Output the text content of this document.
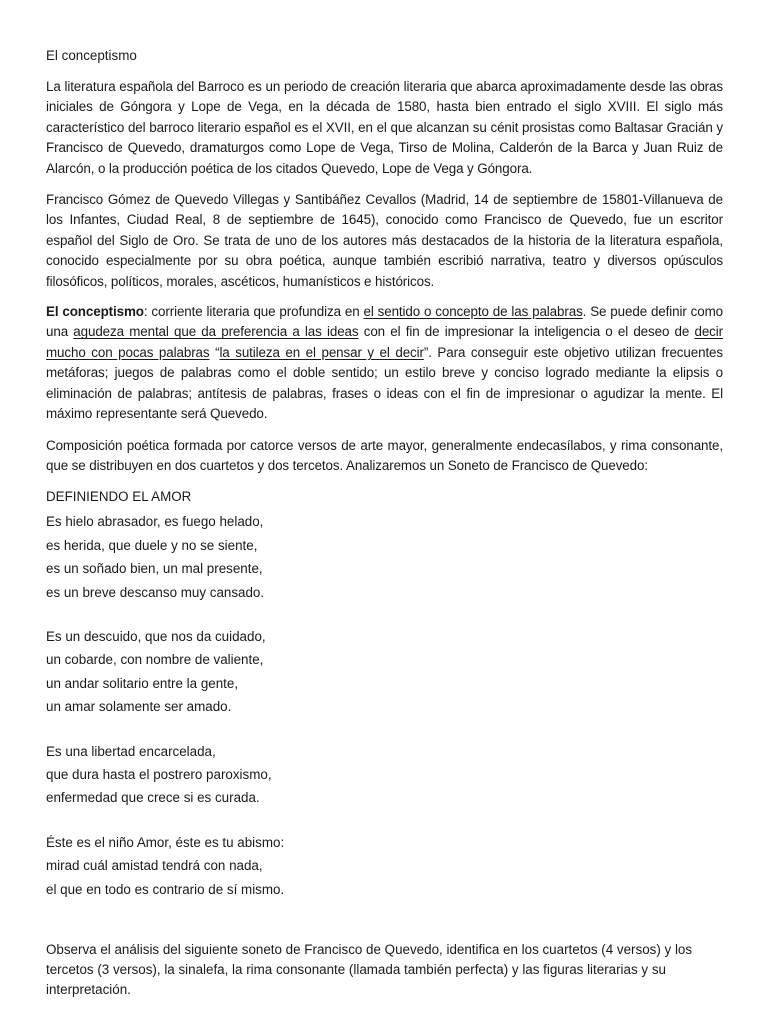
El conceptismo

La literatura española del Barroco es un periodo de creación literaria que abarca aproximadamente desde las obras iniciales de Góngora y Lope de Vega, en la década de 1580, hasta bien entrado el siglo XVIII. El siglo más característico del barroco literario español es el XVII, en el que alcanzan su cénit prosistas como Baltasar Gracián y Francisco de Quevedo, dramaturgos como Lope de Vega, Tirso de Molina, Calderón de la Barca y Juan Ruiz de Alarcón, o la producción poética de los citados Quevedo, Lope de Vega y Góngora.

Francisco Gómez de Quevedo Villegas y Santibáñez Cevallos (Madrid, 14 de septiembre de 15801-Villanueva de los Infantes, Ciudad Real, 8 de septiembre de 1645), conocido como Francisco de Quevedo, fue un escritor español del Siglo de Oro. Se trata de uno de los autores más destacados de la historia de la literatura española, conocido especialmente por su obra poética, aunque también escribió narrativa, teatro y diversos opúsculos filosóficos, políticos, morales, ascéticos, humanísticos e históricos.

El conceptismo: corriente literaria que profundiza en el sentido o concepto de las palabras. Se puede definir como una agudeza mental que da preferencia a las ideas con el fin de impresionar la inteligencia o el deseo de decir mucho con pocas palabras “la sutileza en el pensar y el decir”. Para conseguir este objetivo utilizan frecuentes metáforas; juegos de palabras como el doble sentido; un estilo breve y conciso logrado mediante la elipsis o eliminación de palabras; antítesis de palabras, frases o ideas con el fin de impresionar o agudizar la mente. El máximo representante será Quevedo.

Composición poética formada por catorce versos de arte mayor, generalmente endecasílabos, y rima consonante, que se distribuyen en dos cuartetos y dos tercetos. Analizaremos un Soneto de Francisco de Quevedo:

DEFINIENDO EL AMOR

Es hielo abrasador, es fuego helado,
es herida, que duele y no se siente,
es un soñado bien, un mal presente,
es un breve descanso muy cansado.
Es un descuido, que nos da cuidado,
un cobarde, con nombre de valiente,
un andar solitario entre la gente,
un amar solamente ser amado.
Es una libertad encarcelada,
que dura hasta el postrero paroxismo,
enfermedad que crece si es curada.
Éste es el niño Amor, éste es tu abismo:
mirad cuál amistad tendrá con nada,
el que en todo es contrario de sí mismo.

Observa el análisis del siguiente soneto de Francisco de Quevedo, identifica en los cuartetos (4 versos) y los tercetos (3 versos), la sinalefa, la rima consonante (llamada también perfecta) y las figuras literarias y su interpretación.
